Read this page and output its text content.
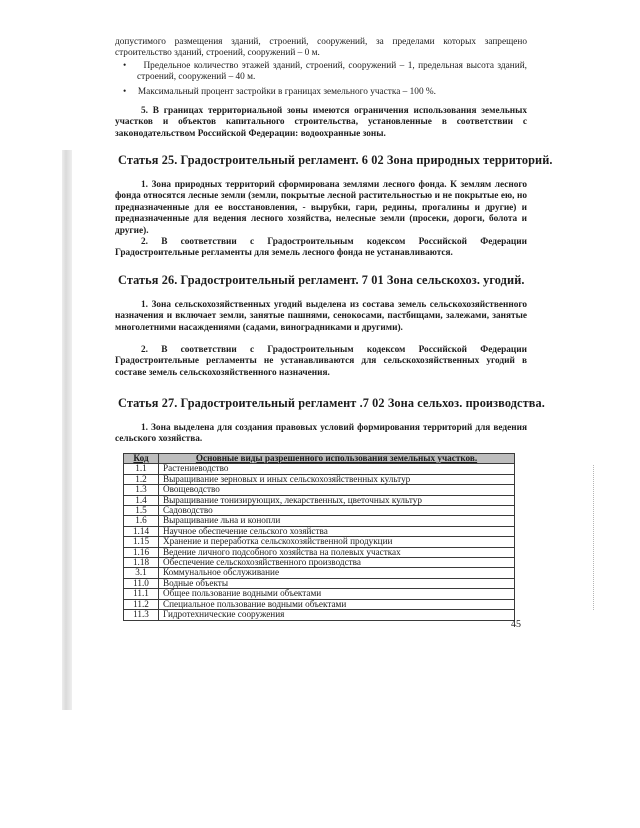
допустимого размещения зданий, строений, сооружений, за пределами которых запрещено строительство зданий, строений, сооружений – 0 м.
• Предельное количество этажей зданий, строений, сооружений – 1, предельная высота зданий, строений, сооружений – 40 м.
• Максимальный процент застройки в границах земельного участка – 100 %.
5. В границах территориальной зоны имеются ограничения использования земельных участков и объектов капитального строительства, установленные в соответствии с законодательством Российской Федерации: водоохранные зоны.
Статья 25. Градостроительный регламент. 6 02 Зона природных территорий.
1. Зона природных территорий сформирована землями лесного фонда. К землям лесного фонда относятся лесные земли (земли, покрытые лесной растительностью и не покрытые ею, но предназначенные для ее восстановления, - вырубки, гари, редины, прогалины и другие) и предназначенные для ведения лесного хозяйства, нелесные земли (просеки, дороги, болота и другие).
2. В соответствии с Градостроительным кодексом Российской Федерации Градостроительные регламенты для земель лесного фонда не устанавливаются.
Статья 26. Градостроительный регламент. 7 01 Зона сельскохоз. угодий.
1. Зона сельскохозяйственных угодий выделена из состава земель сельскохозяйственного назначения и включает земли, занятые пашнями, сенокосами, пастбищами, залежами, занятые многолетними насаждениями (садами, виноградниками и другими).
2. В соответствии с Градостроительным кодексом Российской Федерации Градостроительные регламенты не устанавливаются для сельскохозяйственных угодий в составе земель сельскохозяйственного назначения.
Статья 27. Градостроительный регламент .7 02 Зона сельхоз. производства.
1. Зона выделена для создания правовых условий формирования территорий для ведения сельского хозяйства.
Код	Основные виды разрешенного использования земельных участков.
1.1	Растениеводство
1.2	Выращивание зерновых и иных сельскохозяйственных культур
1.3	Овощеводство
1.4	Выращивание тонизирующих, лекарственных, цветочных культур
1.5	Садоводство
1.6	Выращивание льна и конопли
1.14	Научное обеспечение сельского хозяйства
1.15	Хранение и переработка сельскохозяйственной продукции
1.16	Ведение личного подсобного хозяйства на полевых участках
1.18	Обеспечение сельскохозяйственного производства
3.1	Коммунальное обслуживание
11.0	Водные объекты
11.1	Общее пользование водными объектами
11.2	Специальное пользование водными объектами
11.3	Гидротехнические сооружения
45
